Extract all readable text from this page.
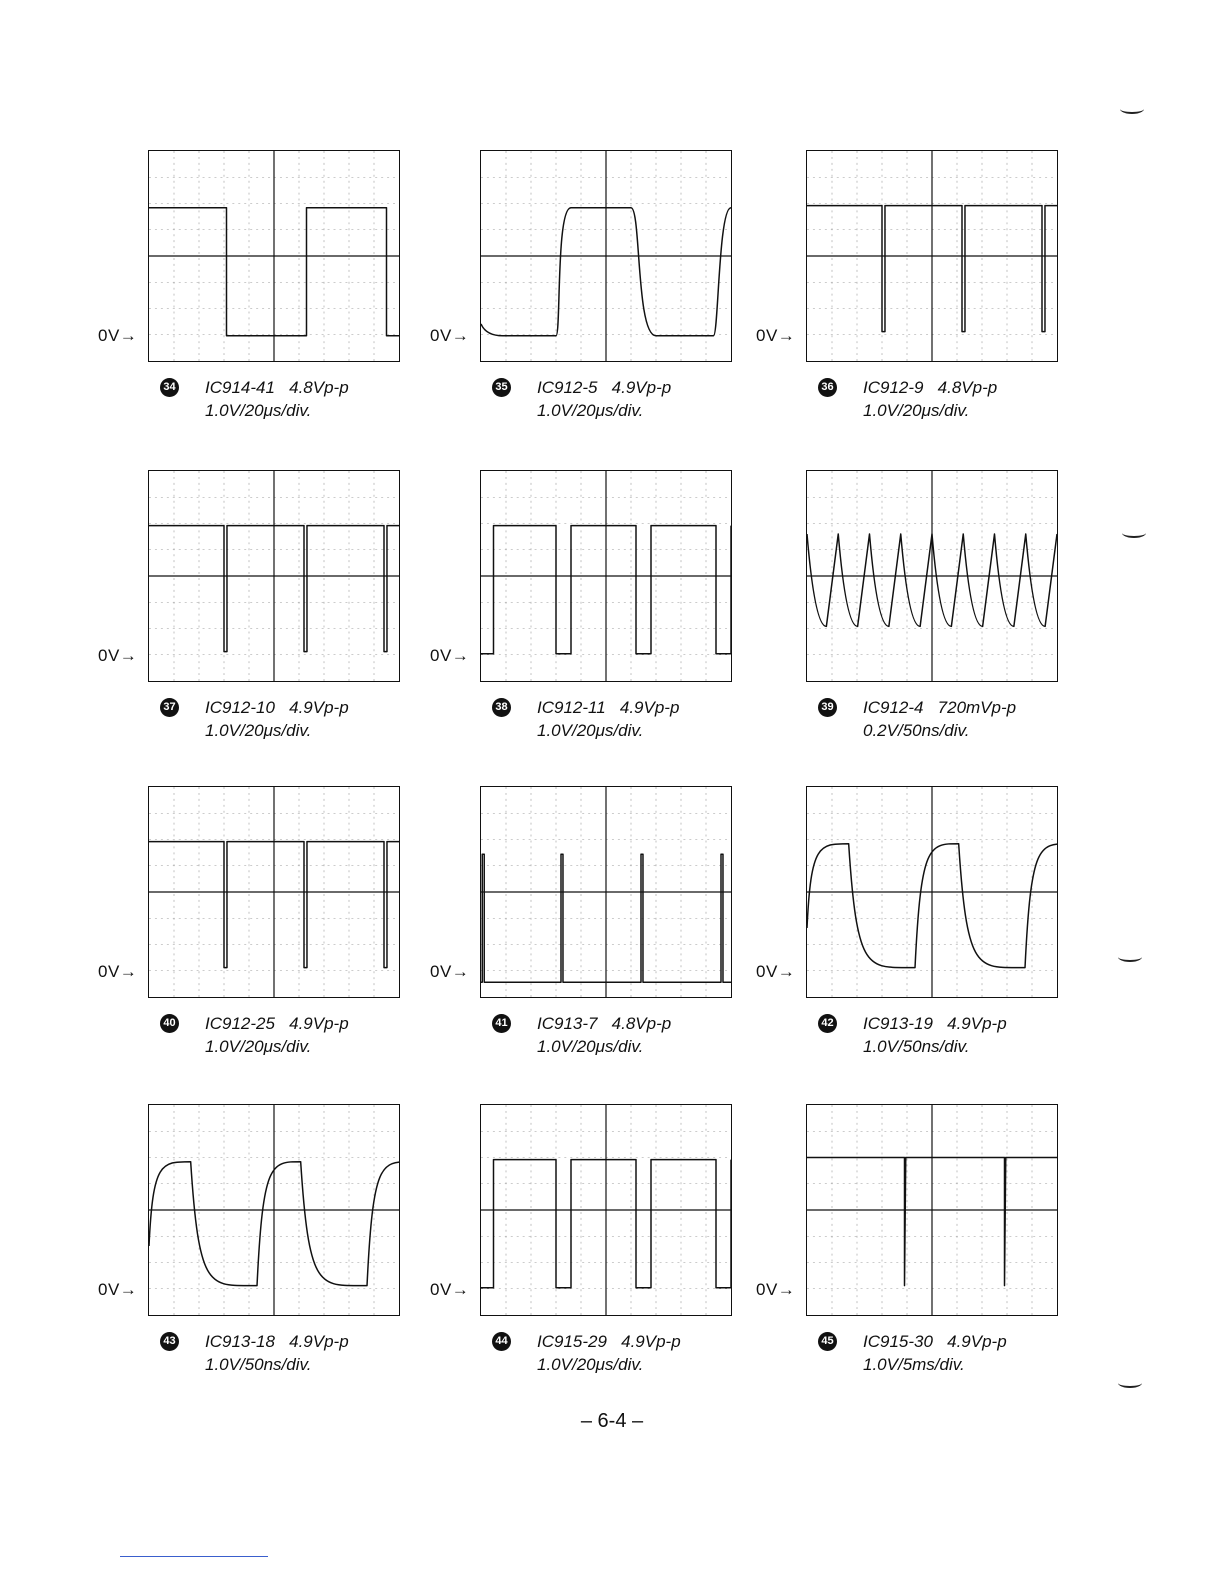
0V→
34 IC914-41 4.8Vp-p
1.0V/20μs/div.
0V→
35 IC912-5 4.9Vp-p
1.0V/20μs/div.
0V→
36 IC912-9 4.8Vp-p
1.0V/20μs/div.
0V→
37 IC912-10 4.9Vp-p
1.0V/20μs/div.
0V→
38 IC912-11 4.9Vp-p
1.0V/20μs/div.
39 IC912-4 720mVp-p
0.2V/50ns/div.
0V→
40 IC912-25 4.9Vp-p
1.0V/20μs/div.
0V→
41 IC913-7 4.8Vp-p
1.0V/20μs/div.
0V→
42 IC913-19 4.9Vp-p
1.0V/50ns/div.
0V→
43 IC913-18 4.9Vp-p
1.0V/50ns/div.
0V→
44 IC915-29 4.9Vp-p
1.0V/20μs/div.
0V→
45 IC915-30 4.9Vp-p
1.0V/5ms/div.
– 6-4 –
